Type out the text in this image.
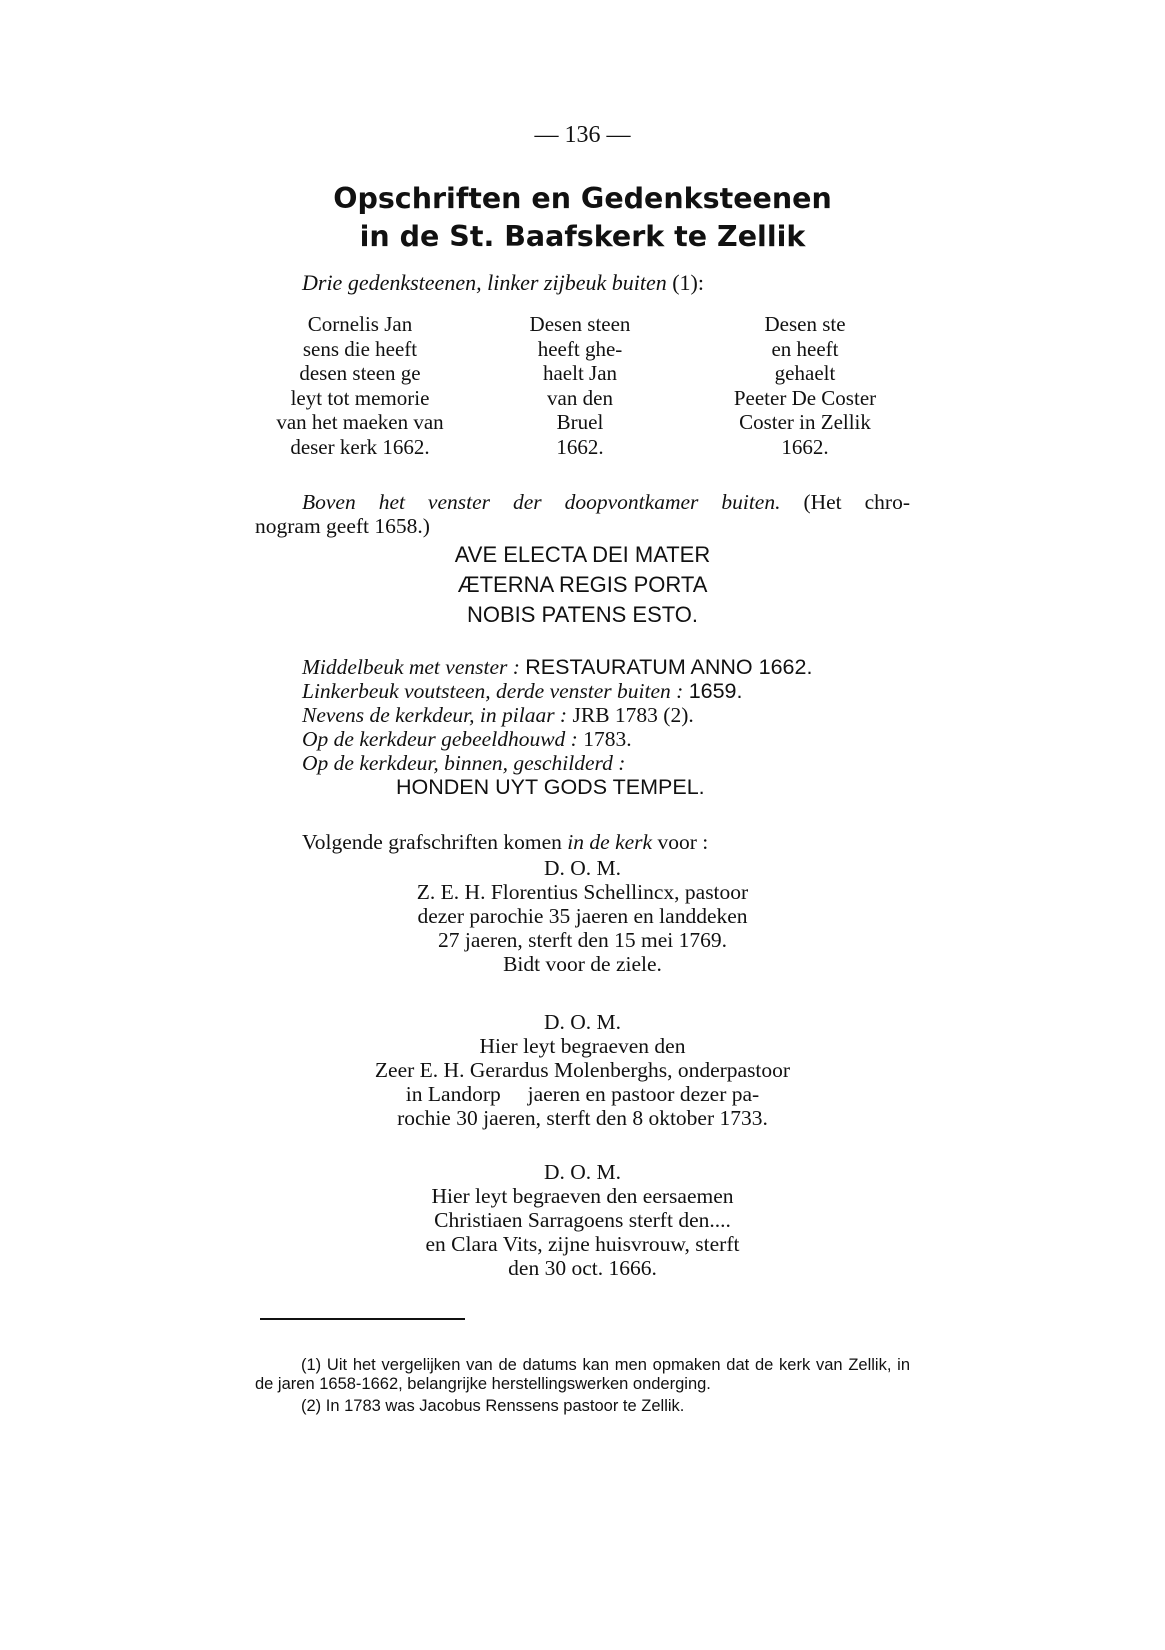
— 136 —
Opschriften en Gedenksteenen
in de St. Baafskerk te Zellik
Drie gedenksteenen, linker zijbeuk buiten (1):
Cornelis Jan
sens die heeft
desen steen ge
leyt tot memorie
van het maeken van
deser kerk 1662.
Desen steen
heeft ghe-
haelt Jan
van den
Bruel
1662.
Desen ste
en heeft
gehaelt
Peeter De Coster
Coster in Zellik
1662.
Boven het venster der doopvontkamer buiten. (Het chro-
nogram geeft 1658.)
AVE ELECTA DEI MATER
ÆTERNA REGIS PORTA
NOBIS PATENS ESTO.
Middelbeuk met venster : RESTAURATUM ANNO 1662.
Linkerbeuk voutsteen, derde venster buiten : 1659.
Nevens de kerkdeur, in pilaar : JRB 1783 (2).
Op de kerkdeur gebeeldhouwd : 1783.
Op de kerkdeur, binnen, geschilderd :
HONDEN UYT GODS TEMPEL.
Volgende grafschriften komen in de kerk voor :
D. O. M.
Z. E. H. Florentius Schellincx, pastoor
dezer parochie 35 jaeren en landdeken
27 jaeren, sterft den 15 mei 1769.
Bidt voor de ziele.
D. O. M.
Hier leyt begraeven den
Zeer E. H. Gerardus Molenberghs, onderpastoor
in Landorp     jaeren en pastoor dezer pa-
rochie 30 jaeren, sterft den 8 oktober 1733.
D. O. M.
Hier leyt begraeven den eersaemen
Christiaen Sarragoens sterft den....
en Clara Vits, zijne huisvrouw, sterft
den 30 oct. 1666.
(1) Uit het vergelijken van de datums kan men opmaken dat de kerk van Zellik, in de jaren 1658-1662, belangrijke herstellingswerken onderging.
(2) In 1783 was Jacobus Renssens pastoor te Zellik.
